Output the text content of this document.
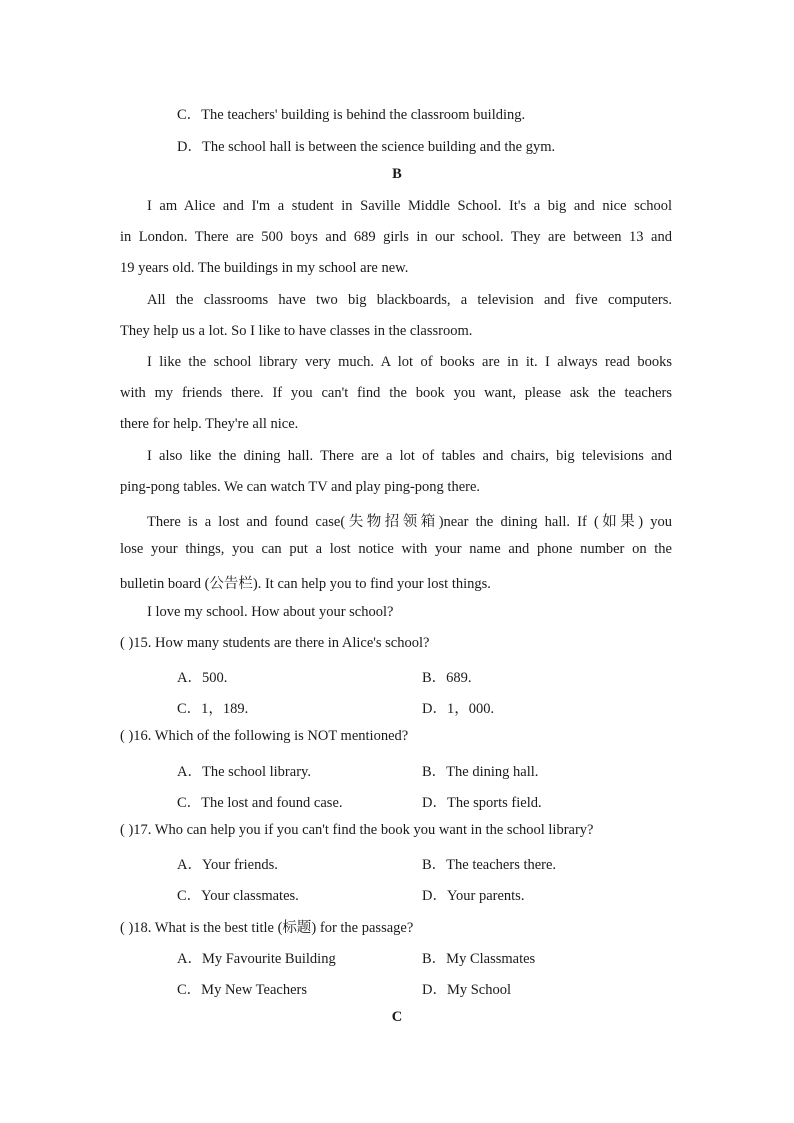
C．The teachers' building is behind the classroom building.
D．The school hall is between the science building and the gym.
B
I am Alice and I'm a student in Saville Middle School. It's a big and nice school
in London. There are 500 boys and 689 girls in our school. They are between 13 and
19 years old. The buildings in my school are new.
All the classrooms have two big blackboards, a television and five computers.
They help us a lot. So I like to have classes in the classroom.
I like the school library very much. A lot of books are in it. I always read books
with my friends there. If you can't find the book you want, please ask the teachers
there for help. They're all nice.
I also like the dining hall. There are a lot of tables and chairs, big televisions and
ping-pong tables. We can watch TV and play ping-pong there.
There is a lost and found case(失物招领箱)near the dining hall. If (如果) you
lose your things, you can put a lost notice with your name and phone number on the
bulletin board (公告栏). It can help you to find your lost things.
I love my school. How about your school?
( )15. How many students are there in Alice's school?
A．500.	B．689.
C．1，189.	D．1，000.
( )16. Which of the following is NOT mentioned?
A．The school library.	B．The dining hall.
C．The lost and found case.	D．The sports field.
( )17. Who can help you if you can't find the book you want in the school library?
A．Your friends.	B．The teachers there.
C．Your classmates.	D．Your parents.
( )18. What is the best title (标题) for the passage?
A．My Favourite Building	B．My Classmates
C．My New Teachers	D．My School
C
